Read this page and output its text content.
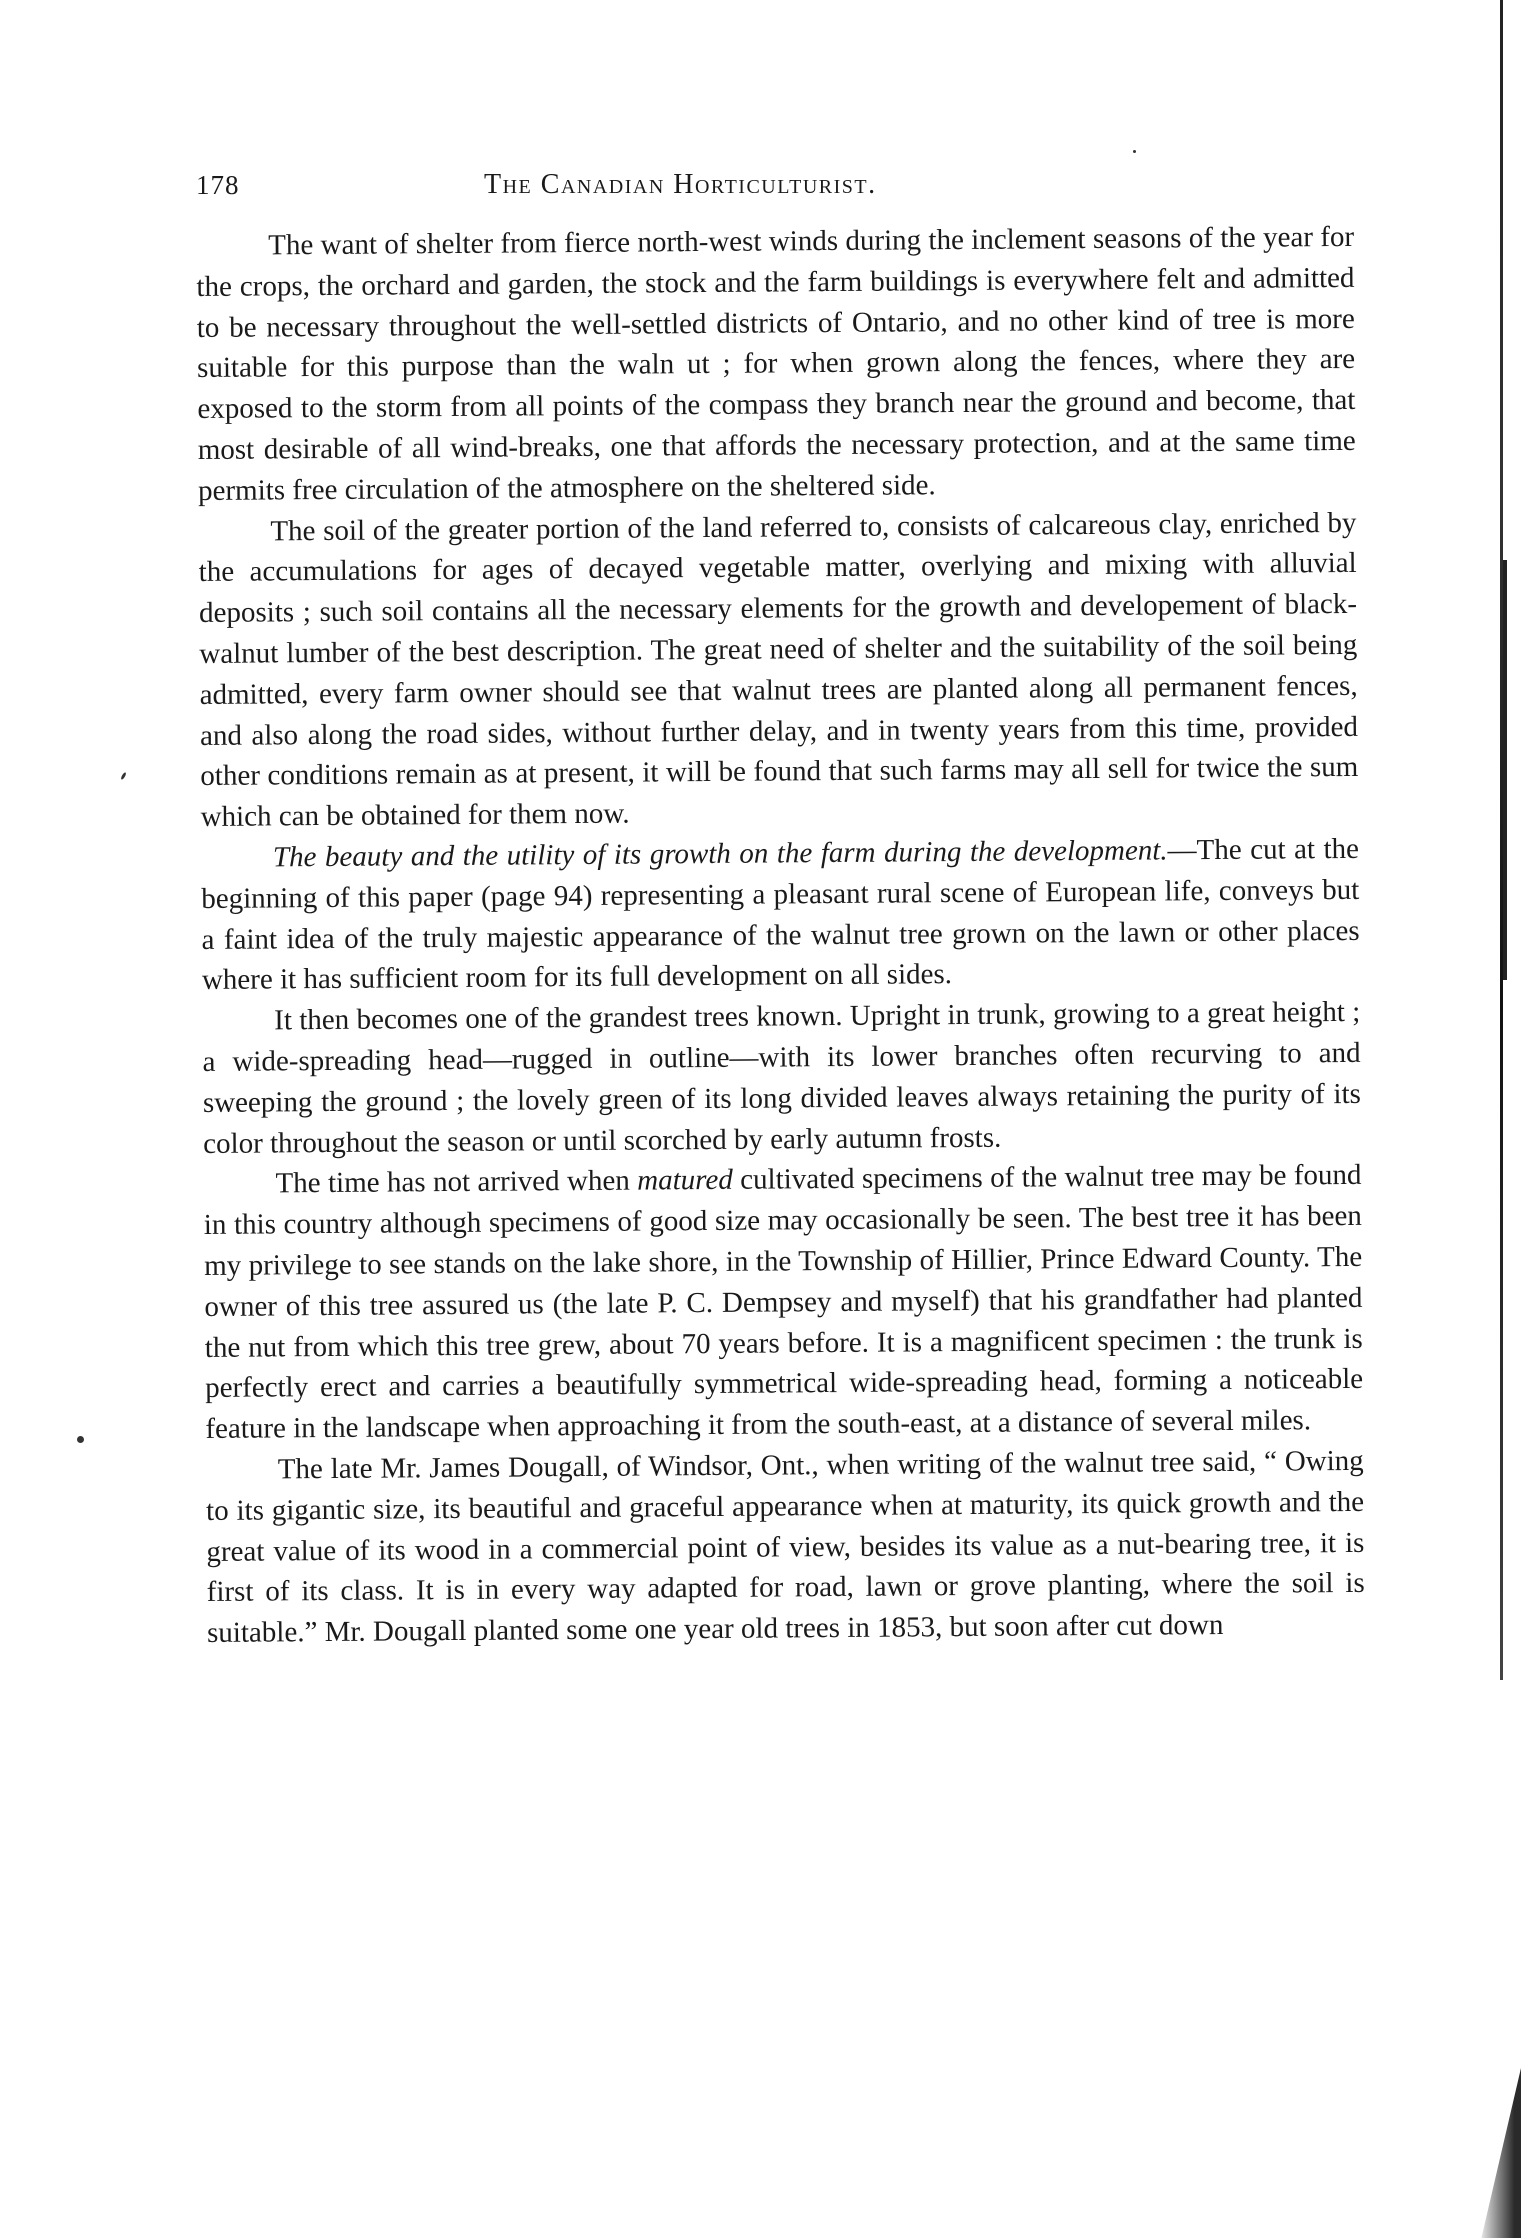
178	The Canadian Horticulturist.

The want of shelter from fierce north-west winds during the inclement seasons of the year for the crops, the orchard and garden, the stock and the farm buildings is everywhere felt and admitted to be necessary throughout the well-settled districts of Ontario, and no other kind of tree is more suitable for this purpose than the waln ut ; for when grown along the fences, where they are exposed to the storm from all points of the compass they branch near the ground and become, that most desirable of all wind-breaks, one that affords the necessary protection, and at the same time permits free circulation of the atmosphere on the sheltered side.

The soil of the greater portion of the land referred to, consists of calcareous clay, enriched by the accumulations for ages of decayed vegetable matter, overlying and mixing with alluvial deposits ; such soil contains all the necessary elements for the growth and developement of black-walnut lumber of the best description. The great need of shelter and the suitability of the soil being admitted, every farm owner should see that walnut trees are planted along all permanent fences, and also along the road sides, without further delay, and in twenty years from this time, provided other conditions remain as at present, it will be found that such farms may all sell for twice the sum which can be obtained for them now.

The beauty and the utility of its growth on the farm during the development.—The cut at the beginning of this paper (page 94) representing a pleasant rural scene of European life, conveys but a faint idea of the truly majestic appearance of the walnut tree grown on the lawn or other places where it has sufficient room for its full development on all sides.

It then becomes one of the grandest trees known. Upright in trunk, growing to a great height ; a wide-spreading head—rugged in outline—with its lower branches often recurving to and sweeping the ground ; the lovely green of its long divided leaves always retaining the purity of its color throughout the season or until scorched by early autumn frosts.

The time has not arrived when matured cultivated specimens of the walnut tree may be found in this country although specimens of good size may occasionally be seen. The best tree it has been my privilege to see stands on the lake shore, in the Township of Hillier, Prince Edward County. The owner of this tree assured us (the late P. C. Dempsey and myself) that his grandfather had planted the nut from which this tree grew, about 70 years before. It is a magnificent specimen : the trunk is perfectly erect and carries a beautifully symmetrical wide-spreading head, forming a noticeable feature in the landscape when approaching it from the south-east, at a distance of several miles.

The late Mr. James Dougall, of Windsor, Ont., when writing of the walnut tree said, “ Owing to its gigantic size, its beautiful and graceful appearance when at maturity, its quick growth and the great value of its wood in a commercial point of view, besides its value as a nut-bearing tree, it is first of its class. It is in every way adapted for road, lawn or grove planting, where the soil is suitable.” Mr. Dougall planted some one year old trees in 1853, but soon after cut down
